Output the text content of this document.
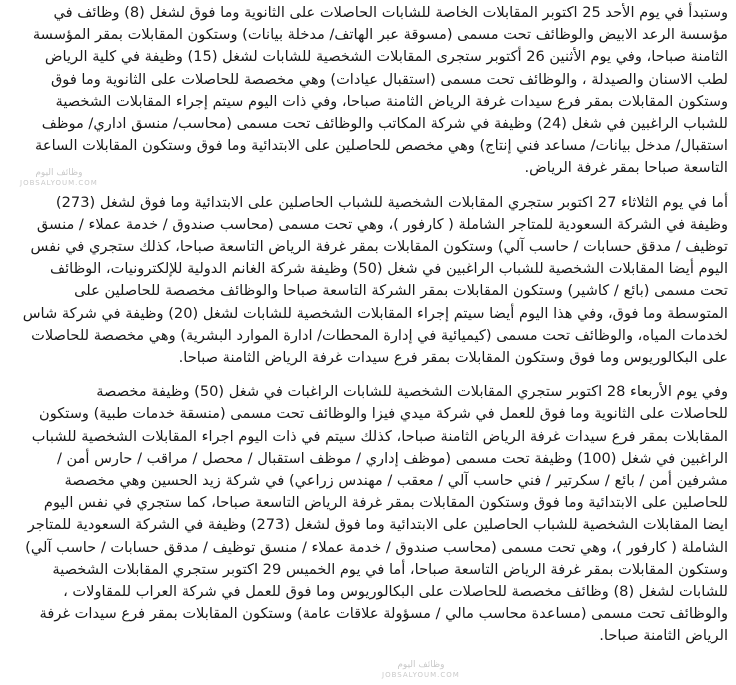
وستبدأ في يوم الأحد 25 اكتوبر المقابلات الخاصة للشابات الحاصلات على الثانوية وما فوق لشغل (8) وظائف في
مؤسسة الرعد الابيض والوظائف تحت مسمى (مسوقة عبر الهاتف/ مدخلة بيانات) وستكون المقابلات بمقر المؤسسة
الثامنة صباحا، وفي يوم الأثنين 26 أكتوبر ستجرى المقابلات الشخصية للشابات لشغل (15) وظيفة في كلية الرياض
لطب الاسنان والصيدلة ، والوظائف تحت مسمى (استقبال عيادات) وهي مخصصة للحاصلات على الثانوية وما فوق
وستكون المقابلات بمقر فرع سيدات غرفة الرياض الثامنة صباحا، وفي ذات اليوم سيتم إجراء المقابلات الشخصية
للشباب الراغبين في شغل (24) وظيفة في شركة المكاتب والوظائف تحت مسمى (محاسب/ منسق اداري/ موظف
استقبال/ مدخل بيانات/ مساعد فني إنتاج) وهي مخصص للحاصلين على الابتدائية وما فوق وستكون المقابلات الساعة
التاسعة صباحا بمقر غرفة الرياض.
أما في يوم الثلاثاء 27 اكتوبر ستجري المقابلات الشخصية للشباب الحاصلين على الابتدائية وما فوق لشغل (273)
وظيفة في الشركة السعودية للمتاجر الشاملة ( كارفور )، وهي تحت مسمى (محاسب صندوق / خدمة عملاء / منسق
توظيف / مدقق حسابات / حاسب آلي) وستكون المقابلات بمقر غرفة الرياض التاسعة صباحا، كذلك ستجري في نفس
اليوم أيضا المقابلات الشخصية للشباب الراغبين في شغل (50) وظيفة شركة الغانم الدولية للإلكترونيات، الوظائف
تحت مسمى (بائع / كاشير) وستكون المقابلات بمقر الشركة التاسعة صباحا والوظائف مخصصة للحاصلين على
المتوسطة وما فوق، وفي هذا اليوم أيضا سيتم إجراء المقابلات الشخصية للشابات لشغل (20) وظيفة في شركة شاس
لخدمات المياه، والوظائف تحت مسمى (كيميائية في إدارة المحطات/ ادارة الموارد البشرية) وهي مخصصة للحاصلات
على البكالوريوس وما فوق وستكون المقابلات بمقر فرع سيدات غرفة الرياض الثامنة صباحا.
وفي يوم الأربعاء 28 اكتوبر ستجري المقابلات الشخصية للشابات الراغبات في شغل (50) وظيفة مخصصة
للحاصلات على الثانوية وما فوق للعمل في شركة ميدي فيزا والوظائف تحت مسمى (منسقة خدمات طبية) وستكون
المقابلات بمقر فرع سيدات غرفة الرياض الثامنة صباحا، كذلك سيتم في ذات اليوم اجراء المقابلات الشخصية للشباب
الراغبين في شغل (100) وظيفة تحت مسمى (موظف إداري / موظف استقبال / محصل / مراقب / حارس أمن /
مشرفين أمن / بائع / سكرتير / فني حاسب آلي / معقب / مهندس زراعي) في شركة زيد الحسين وهي مخصصة
للحاصلين على الابتدائية وما فوق وستكون المقابلات بمقر غرفة الرياض التاسعة صباحا، كما ستجري في نفس اليوم
ايضا المقابلات الشخصية للشباب الحاصلين على الابتدائية وما فوق لشغل (273) وظيفة في الشركة السعودية للمتاجر
الشاملة ( كارفور )، وهي تحت مسمى (محاسب صندوق / خدمة عملاء / منسق توظيف / مدقق حسابات / حاسب آلي)
وستكون المقابلات بمقر غرفة الرياض التاسعة صباحا، أما في يوم الخميس 29 اكتوبر ستجري المقابلات الشخصية
للشابات لشغل (8) وظائف مخصصة للحاصلات على البكالوريوس وما فوق للعمل في شركة العراب للمقاولات ،
والوظائف تحت مسمى (مساعدة محاسب مالي / مسؤولة علاقات عامة) وستكون المقابلات بمقر فرع سيدات غرفة
الرياض الثامنة صباحا.
وظائف اليوم
JOBSALYOUM.COM
وظائف اليوم
JOBSALYOUM.COM
